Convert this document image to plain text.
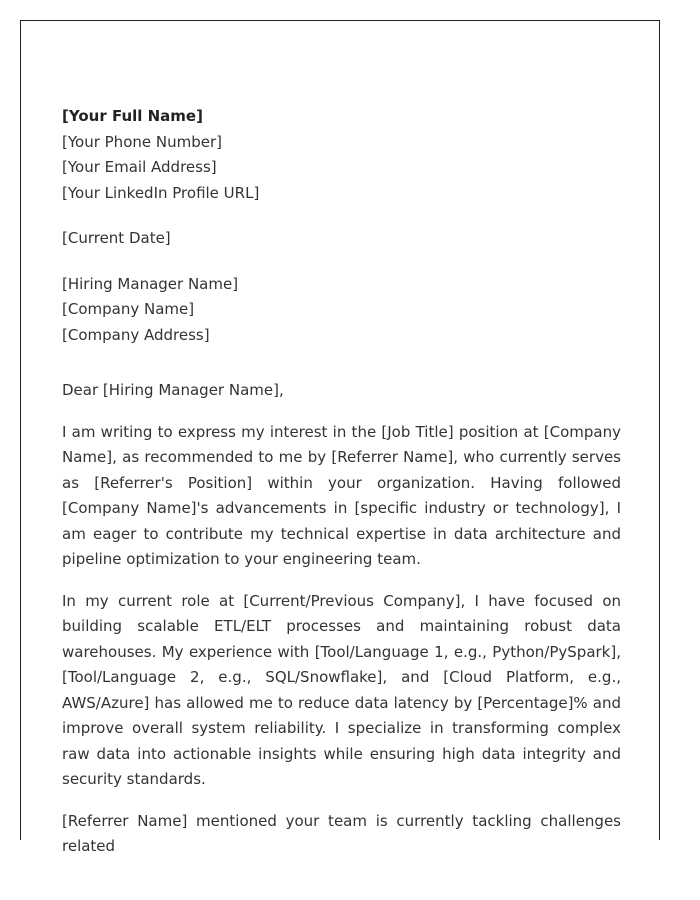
[Your Full Name]
[Your Phone Number]
[Your Email Address]
[Your LinkedIn Profile URL]
[Current Date]
[Hiring Manager Name]
[Company Name]
[Company Address]
Dear [Hiring Manager Name],

I am writing to express my interest in the [Job Title] position at [Company Name], as recommended to me by [Referrer Name], who currently serves as [Referrer's Position] within your organization. Having followed [Company Name]'s advancements in [specific industry or technology], I am eager to contribute my technical expertise in data architecture and pipeline optimization to your engineering team.

In my current role at [Current/Previous Company], I have focused on building scalable ETL/ELT processes and maintaining robust data warehouses. My experience with [Tool/Language 1, e.g., Python/PySpark], [Tool/Language 2, e.g., SQL/Snowflake], and [Cloud Platform, e.g., AWS/Azure] has allowed me to reduce data latency by [Percentage]% and improve overall system reliability. I specialize in transforming complex raw data into actionable insights while ensuring high data integrity and security standards.

[Referrer Name] mentioned your team is currently tackling challenges related
